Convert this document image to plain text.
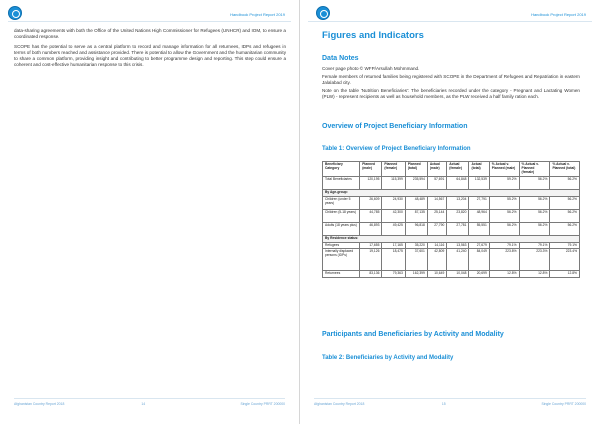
Handbook Project Report 2019

data-sharing agreements with both the Office of the United Nations High Commissioner for Refugees (UNHCR) and IOM, to ensure a coordinated response.

SCOPE has the potential to serve as a central platform to record and manage information for all returnees, IDPs and refugees in terms of both numbers reached and assistance provided. There is potential to allow the Government and the humanitarian community to share a common platform, providing insight and contributing to better programme design and reporting. This step could ensure a coherent and cost-effective humanitarian response to this crisis.

Afghanistan Country Report 2018	14	Single Country PRRT 200000
Handbook Project Report 2019
Figures and Indicators
Data Notes

Cover page photo © WFP/Arsullah Mohmmand.

Female members of returned families being registered with SCOPE in the Department of Refugees and Repatriation in eastern Jalalabad city.

Note on the table 'Nutrition Beneficiaries': The beneficiaries recorded under the category - Pregnant and Lactating Women (PLW) - represent recipients as well as household members, as the PLW received a half family ration each.

Overview of Project Beneficiary Information
Table 1: Overview of Project Beneficiary Information
Beneficiary Category	Planned (male)	Planned (female)	Planned (total)	Actual (male)	Actual (female)	Actual (total)	% Actual v. Planned (male)	% Actual v. Planned (female)	% Actual v. Planned (total)
Total Beneficiaries	120,195	115,399	235,594	57,691	64,848	132,539	59.2%	56.2%	56.2%
By Age-group:									
Children (under 5 years)	26,609	24,930	48,489	14,567	13,204	27,791	55.2%	56.2%	56.2%
Children (5-18 years)	44,785	42,300	87,135	25,144	23,820	48,964	56.2%	56.2%	56.2%
Adults (18 years plus)	46,893	49,425	96,818	27,790	27,781	55,551	56.2%	56.2%	56.2%
By Residence status:									
Refugees	17,655	17,165	35,220	14,116	13,563	27,679	79.1%	79.1%	79.1%
Internally displaced persons (IDPs)	19,126	18,475	37,601	42,809	41,240	84,049	223.8%	223.3%	223.4%
Returnees	83,136	79,363	162,399	10,649	10,048	20,699	12.8%	12.8%	12.8%
Participants and Beneficiaries by Activity and Modality
Table 2: Beneficiaries by Activity and Modality
Afghanistan Country Report 2018	15	Single Country PRRT 200000
